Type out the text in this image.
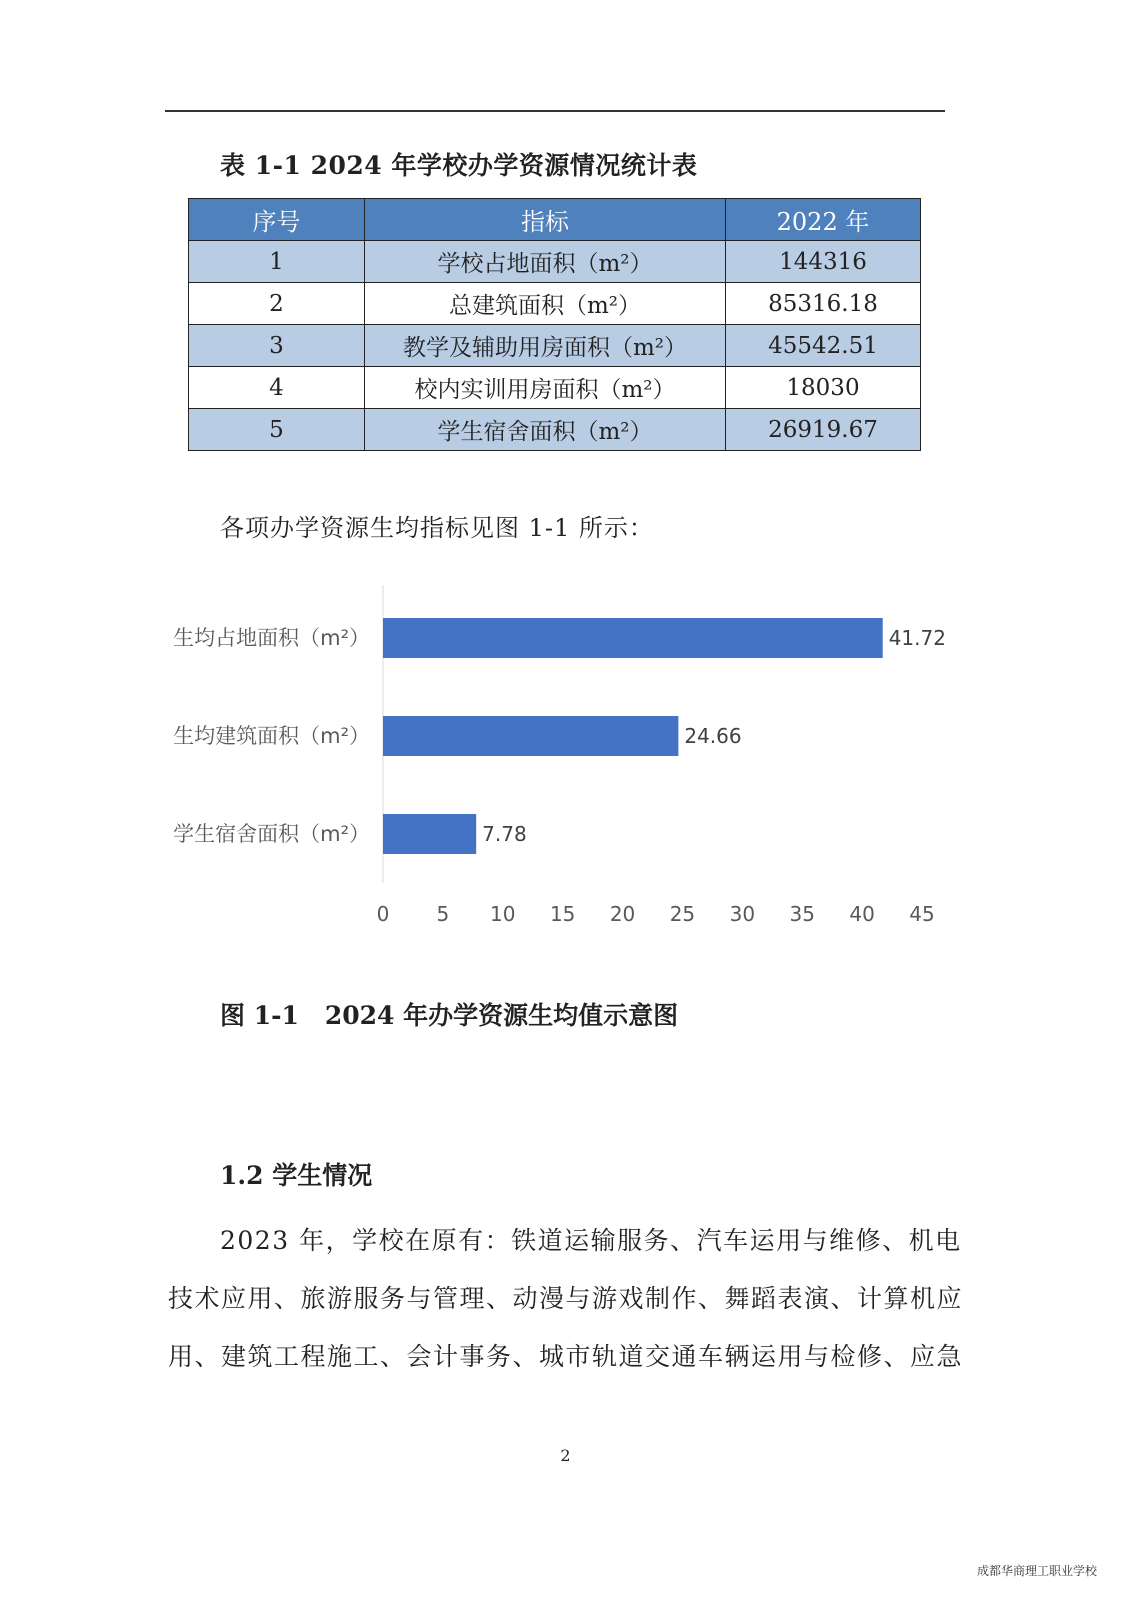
表 1-1 2024 年学校办学资源情况统计表
序号	指标	2022 年
1	学校占地面积（m²）	144316
2	总建筑面积（m²）	85316.18
3	教学及辅助用房面积（m²）	45542.51
4	校内实训用房面积（m²）	18030
5	学生宿舍面积（m²）	26919.67
各项办学资源生均指标见图 1-1 所示：
生均占地面积（m²）	41.72
生均建筑面积（m²）	24.66
学生宿舍面积（m²）	7.78
0 5 10 15 20 25 30 35 40 45
图 1-1 2024 年办学资源生均值示意图
1.2 学生情况
2023 年，学校在原有：铁道运输服务、汽车运用与维修、机电
技术应用、旅游服务与管理、动漫与游戏制作、舞蹈表演、计算机应
用、建筑工程施工、会计事务、城市轨道交通车辆运用与检修、应急
2
成都华商理工职业学校
